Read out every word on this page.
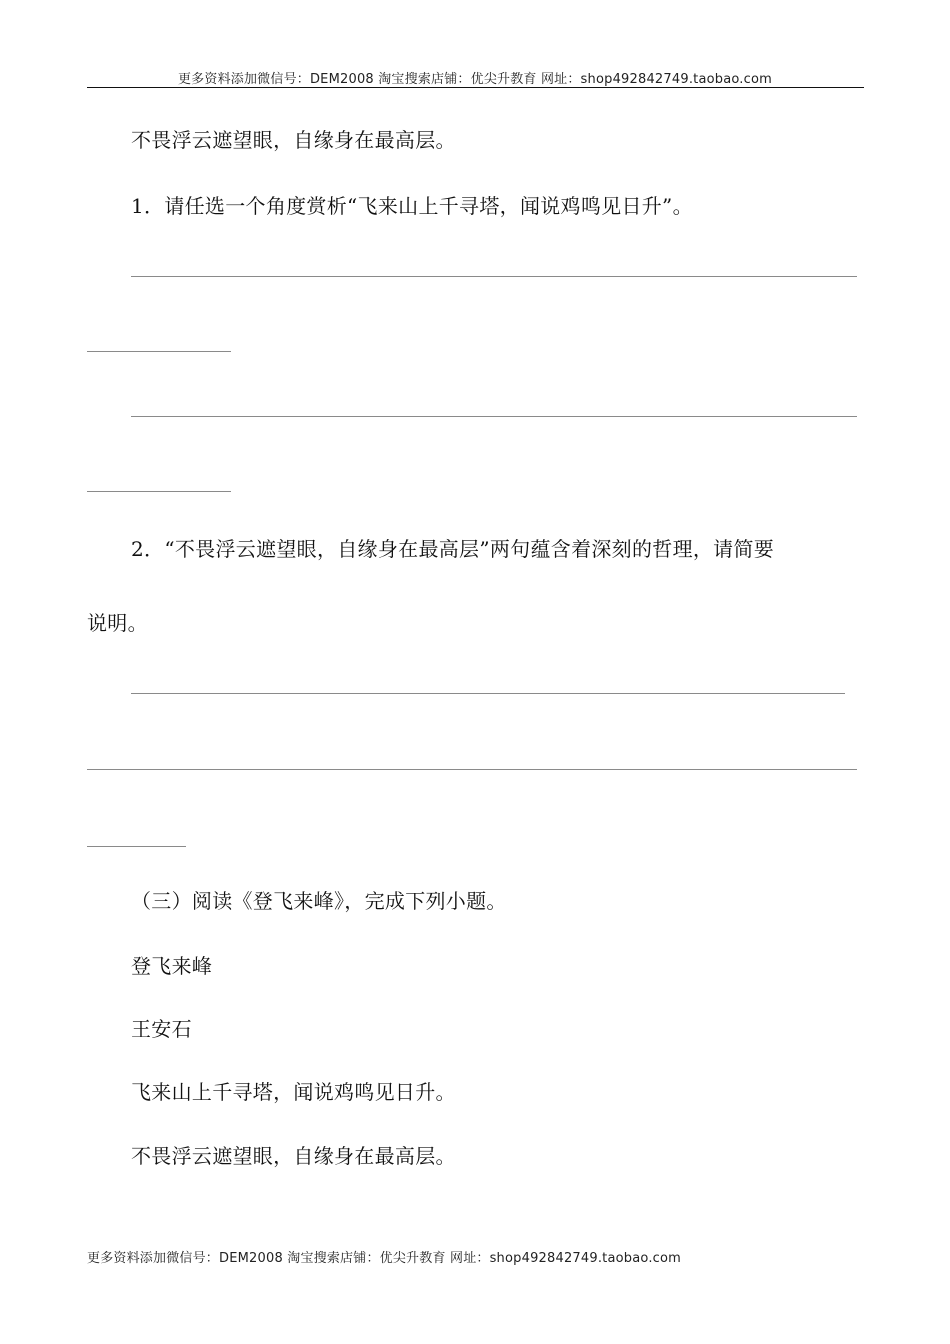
更多资料添加微信号：DEM2008 淘宝搜索店铺：优尖升教育 网址：shop492842749.taobao.com
不畏浮云遮望眼，自缘身在最高层。
1．请任选一个角度赏析“飞来山上千寻塔，闻说鸡鸣见日升”。
2．“不畏浮云遮望眼，自缘身在最高层”两句蕴含着深刻的哲理，请简要
说明。
（三）阅读《登飞来峰》，完成下列小题。
登飞来峰
王安石
飞来山上千寻塔，闻说鸡鸣见日升。
不畏浮云遮望眼，自缘身在最高层。
更多资料添加微信号：DEM2008 淘宝搜索店铺：优尖升教育 网址：shop492842749.taobao.com
